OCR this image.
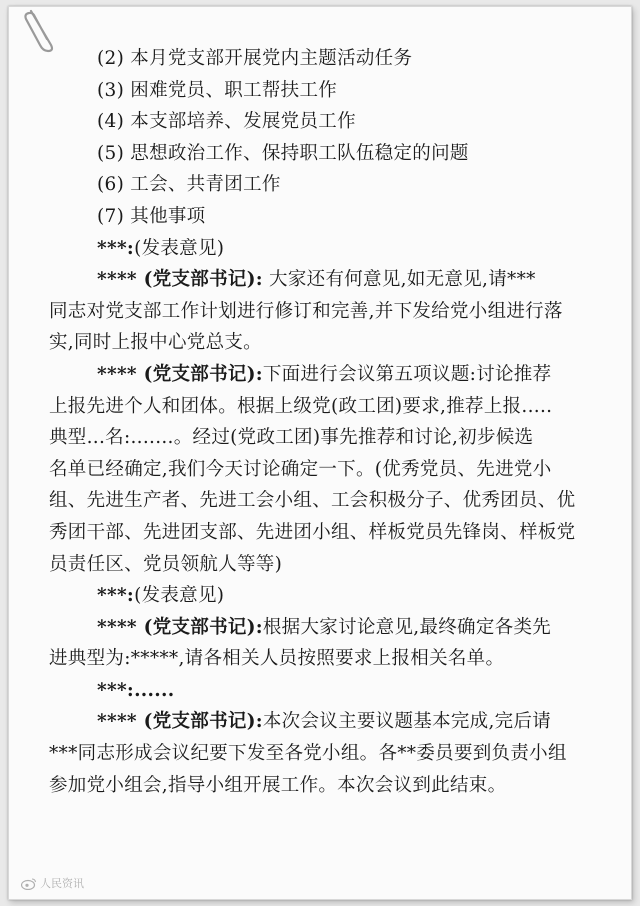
(2) 本月党支部开展党内主题活动任务
(3) 困难党员、职工帮扶工作
(4) 本支部培养、发展党员工作
(5) 思想政治工作、保持职工队伍稳定的问题
(6) 工会、共青团工作
(7) 其他事项
***:(发表意见)
**** (党支部书记): 大家还有何意见,如无意见,请***
同志对党支部工作计划进行修订和完善,并下发给党小组进行落
实,同时上报中心党总支。
**** (党支部书记):下面进行会议第五项议题:讨论推荐
上报先进个人和团体。根据上级党(政工团)要求,推荐上报.....
典型...名:.......。经过(党政工团)事先推荐和讨论,初步候选
名单已经确定,我们今天讨论确定一下。(优秀党员、先进党小
组、先进生产者、先进工会小组、工会积极分子、优秀团员、优
秀团干部、先进团支部、先进团小组、样板党员先锋岗、样板党
员责任区、党员领航人等等)
***:(发表意见)
**** (党支部书记):根据大家讨论意见,最终确定各类先
进典型为:*****,请各相关人员按照要求上报相关名单。
***:......
**** (党支部书记):本次会议主要议题基本完成,完后请
***同志形成会议纪要下发至各党小组。各**委员要到负责小组
参加党小组会,指导小组开展工作。本次会议到此结束。
人民资讯
